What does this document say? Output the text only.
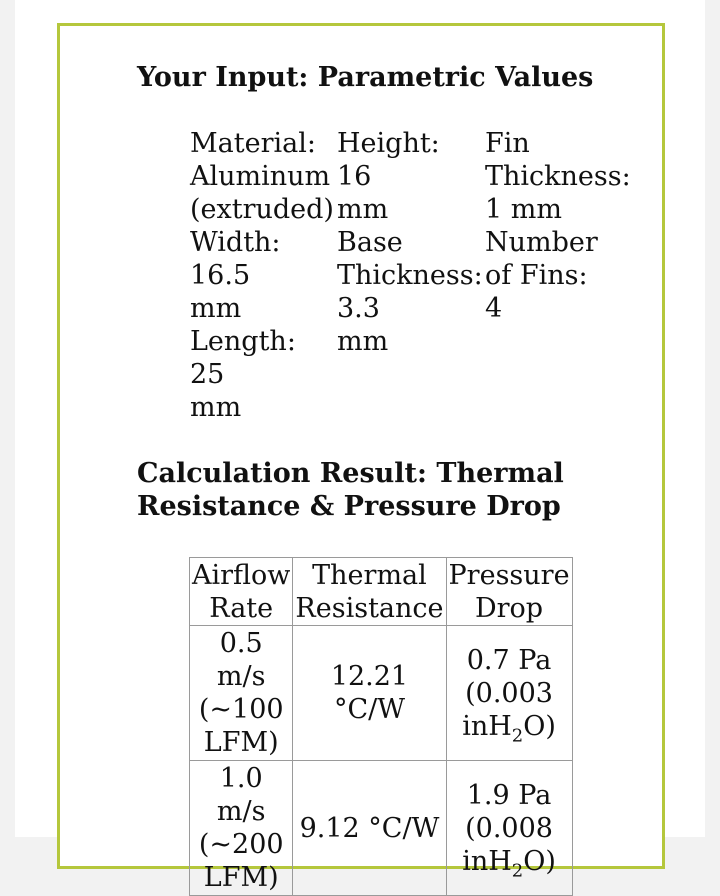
Your Input: Parametric Values
Material:
Aluminum (extruded)
Width:
16.5 mm
Length:
25 mm
Height:
16 mm
Base Thickness:
3.3 mm
Fin Thickness:
1 mm
Number of Fins:
4
Calculation Result: Thermal Resistance & Pressure Drop
Airflow Rate	Thermal Resistance	Pressure Drop
0.5 m/s (~100 LFM)	12.21 °C/W	0.7 Pa
(0.003
inH$_2$O)
1.0 m/s (~200 LFM)	9.12 °C/W	1.9 Pa
(0.008
inH$_2$O)
